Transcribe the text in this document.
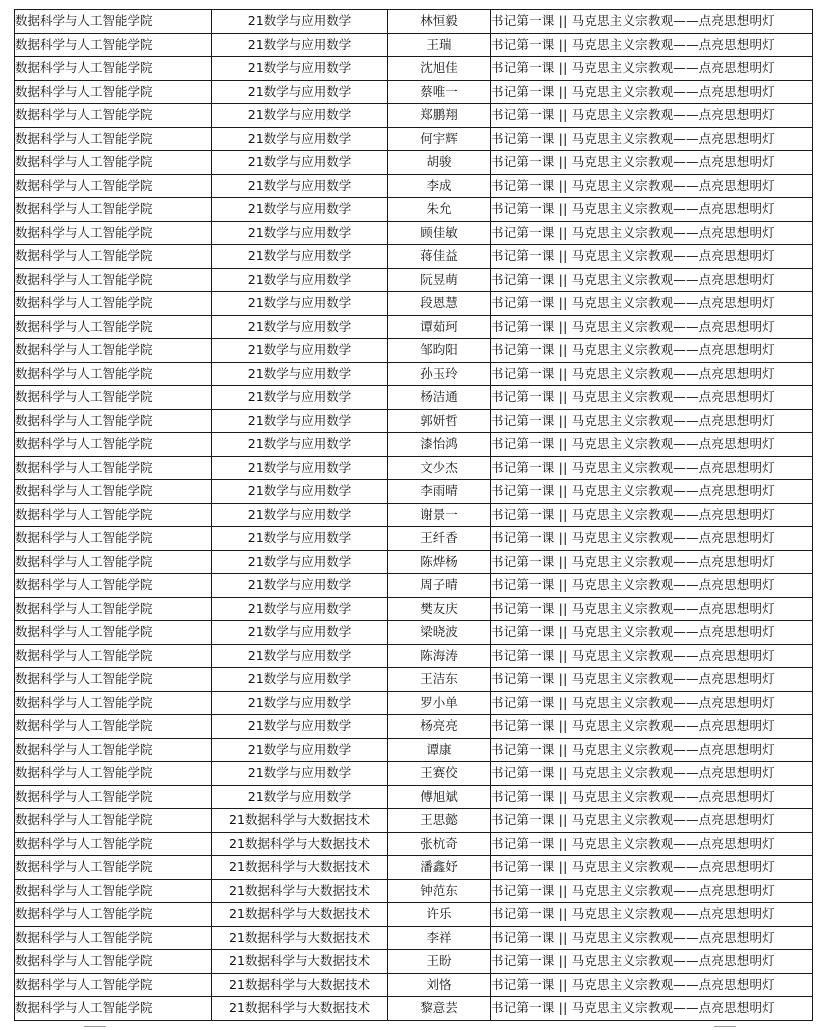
数据科学与人工智能学院	21数学与应用数学	林恒毅	书记第一课 || 马克思主义宗教观——点亮思想明灯
数据科学与人工智能学院	21数学与应用数学	王瑞	书记第一课 || 马克思主义宗教观——点亮思想明灯
数据科学与人工智能学院	21数学与应用数学	沈旭佳	书记第一课 || 马克思主义宗教观——点亮思想明灯
数据科学与人工智能学院	21数学与应用数学	蔡唯一	书记第一课 || 马克思主义宗教观——点亮思想明灯
数据科学与人工智能学院	21数学与应用数学	郑鹏翔	书记第一课 || 马克思主义宗教观——点亮思想明灯
数据科学与人工智能学院	21数学与应用数学	何宇辉	书记第一课 || 马克思主义宗教观——点亮思想明灯
数据科学与人工智能学院	21数学与应用数学	胡骏	书记第一课 || 马克思主义宗教观——点亮思想明灯
数据科学与人工智能学院	21数学与应用数学	李成	书记第一课 || 马克思主义宗教观——点亮思想明灯
数据科学与人工智能学院	21数学与应用数学	朱允	书记第一课 || 马克思主义宗教观——点亮思想明灯
数据科学与人工智能学院	21数学与应用数学	顾佳敏	书记第一课 || 马克思主义宗教观——点亮思想明灯
数据科学与人工智能学院	21数学与应用数学	蒋佳益	书记第一课 || 马克思主义宗教观——点亮思想明灯
数据科学与人工智能学院	21数学与应用数学	阮昱萌	书记第一课 || 马克思主义宗教观——点亮思想明灯
数据科学与人工智能学院	21数学与应用数学	段恩慧	书记第一课 || 马克思主义宗教观——点亮思想明灯
数据科学与人工智能学院	21数学与应用数学	谭茹珂	书记第一课 || 马克思主义宗教观——点亮思想明灯
数据科学与人工智能学院	21数学与应用数学	邹昀阳	书记第一课 || 马克思主义宗教观——点亮思想明灯
数据科学与人工智能学院	21数学与应用数学	孙玉玲	书记第一课 || 马克思主义宗教观——点亮思想明灯
数据科学与人工智能学院	21数学与应用数学	杨洁通	书记第一课 || 马克思主义宗教观——点亮思想明灯
数据科学与人工智能学院	21数学与应用数学	郭妍哲	书记第一课 || 马克思主义宗教观——点亮思想明灯
数据科学与人工智能学院	21数学与应用数学	漆怡鸿	书记第一课 || 马克思主义宗教观——点亮思想明灯
数据科学与人工智能学院	21数学与应用数学	文少杰	书记第一课 || 马克思主义宗教观——点亮思想明灯
数据科学与人工智能学院	21数学与应用数学	李雨晴	书记第一课 || 马克思主义宗教观——点亮思想明灯
数据科学与人工智能学院	21数学与应用数学	谢景一	书记第一课 || 马克思主义宗教观——点亮思想明灯
数据科学与人工智能学院	21数学与应用数学	王纤香	书记第一课 || 马克思主义宗教观——点亮思想明灯
数据科学与人工智能学院	21数学与应用数学	陈烨杨	书记第一课 || 马克思主义宗教观——点亮思想明灯
数据科学与人工智能学院	21数学与应用数学	周子晴	书记第一课 || 马克思主义宗教观——点亮思想明灯
数据科学与人工智能学院	21数学与应用数学	樊友庆	书记第一课 || 马克思主义宗教观——点亮思想明灯
数据科学与人工智能学院	21数学与应用数学	梁晓波	书记第一课 || 马克思主义宗教观——点亮思想明灯
数据科学与人工智能学院	21数学与应用数学	陈海涛	书记第一课 || 马克思主义宗教观——点亮思想明灯
数据科学与人工智能学院	21数学与应用数学	王洁东	书记第一课 || 马克思主义宗教观——点亮思想明灯
数据科学与人工智能学院	21数学与应用数学	罗小单	书记第一课 || 马克思主义宗教观——点亮思想明灯
数据科学与人工智能学院	21数学与应用数学	杨亮亮	书记第一课 || 马克思主义宗教观——点亮思想明灯
数据科学与人工智能学院	21数学与应用数学	谭康	书记第一课 || 马克思主义宗教观——点亮思想明灯
数据科学与人工智能学院	21数学与应用数学	王赛佼	书记第一课 || 马克思主义宗教观——点亮思想明灯
数据科学与人工智能学院	21数学与应用数学	傅旭斌	书记第一课 || 马克思主义宗教观——点亮思想明灯
数据科学与人工智能学院	21数据科学与大数据技术	王思懿	书记第一课 || 马克思主义宗教观——点亮思想明灯
数据科学与人工智能学院	21数据科学与大数据技术	张杭奇	书记第一课 || 马克思主义宗教观——点亮思想明灯
数据科学与人工智能学院	21数据科学与大数据技术	潘鑫妤	书记第一课 || 马克思主义宗教观——点亮思想明灯
数据科学与人工智能学院	21数据科学与大数据技术	钟范东	书记第一课 || 马克思主义宗教观——点亮思想明灯
数据科学与人工智能学院	21数据科学与大数据技术	许乐	书记第一课 || 马克思主义宗教观——点亮思想明灯
数据科学与人工智能学院	21数据科学与大数据技术	李祥	书记第一课 || 马克思主义宗教观——点亮思想明灯
数据科学与人工智能学院	21数据科学与大数据技术	王盼	书记第一课 || 马克思主义宗教观——点亮思想明灯
数据科学与人工智能学院	21数据科学与大数据技术	刘恪	书记第一课 || 马克思主义宗教观——点亮思想明灯
数据科学与人工智能学院	21数据科学与大数据技术	黎意芸	书记第一课 || 马克思主义宗教观——点亮思想明灯
